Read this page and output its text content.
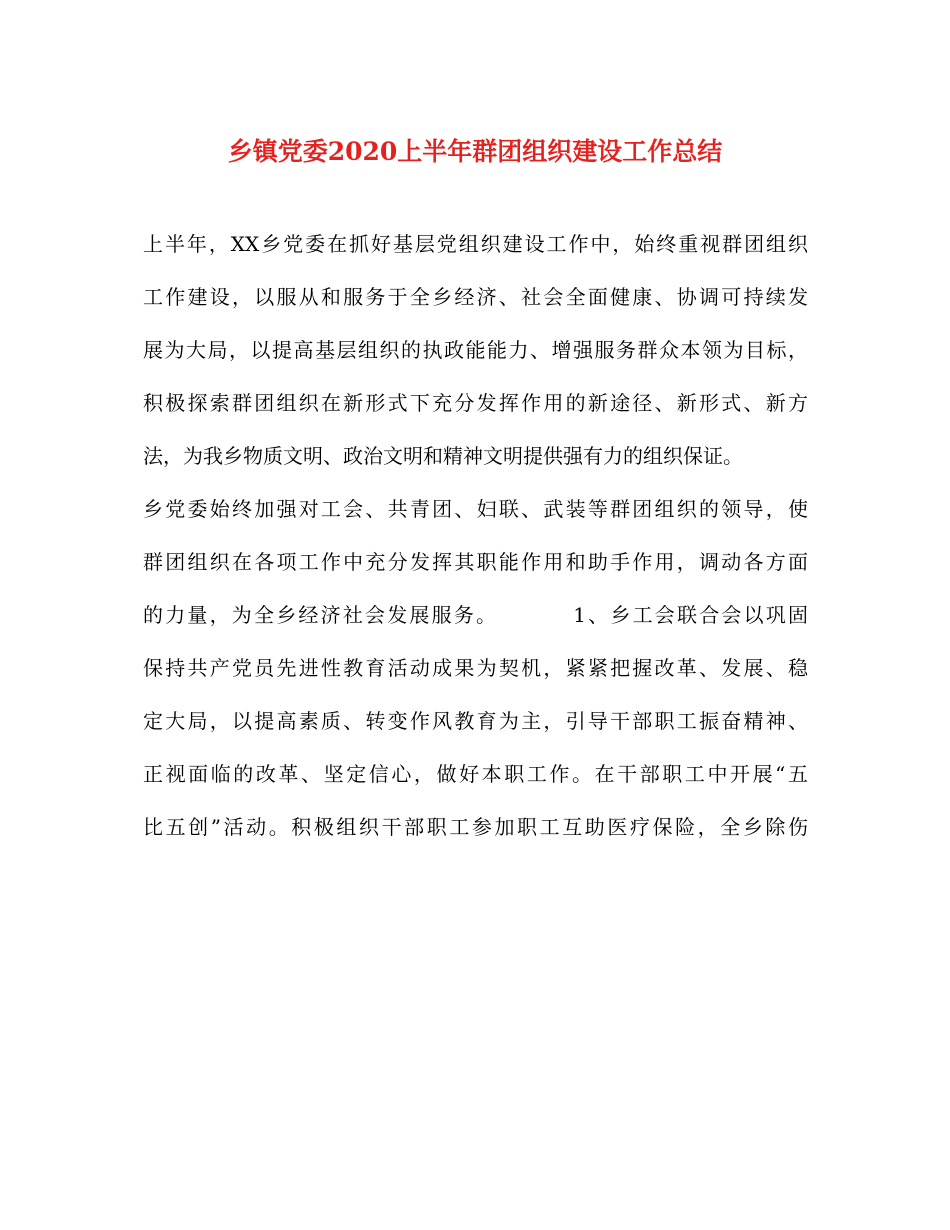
乡镇党委2020上半年群团组织建设工作总结
上半年，XX乡党委在抓好基层党组织建设工作中，始终重视群团组织
工作建设，以服从和服务于全乡经济、社会全面健康、协调可持续发
展为大局，以提高基层组织的执政能能力、增强服务群众本领为目标，
积极探索群团组织在新形式下充分发挥作用的新途径、新形式、新方
法，为我乡物质文明、政治文明和精神文明提供强有力的组织保证。
乡党委始终加强对工会、共青团、妇联、武装等群团组织的领导，使
群团组织在各项工作中充分发挥其职能作用和助手作用，调动各方面
的力量，为全乡经济社会发展服务。	1、乡工会联合会以巩固
保持共产党员先进性教育活动成果为契机，紧紧把握改革、发展、稳
定大局，以提高素质、转变作风教育为主，引导干部职工振奋精神、
正视面临的改革、坚定信心，做好本职工作。在干部职工中开展“五
比五创”活动。积极组织干部职工参加职工互助医疗保险，全乡除伤
